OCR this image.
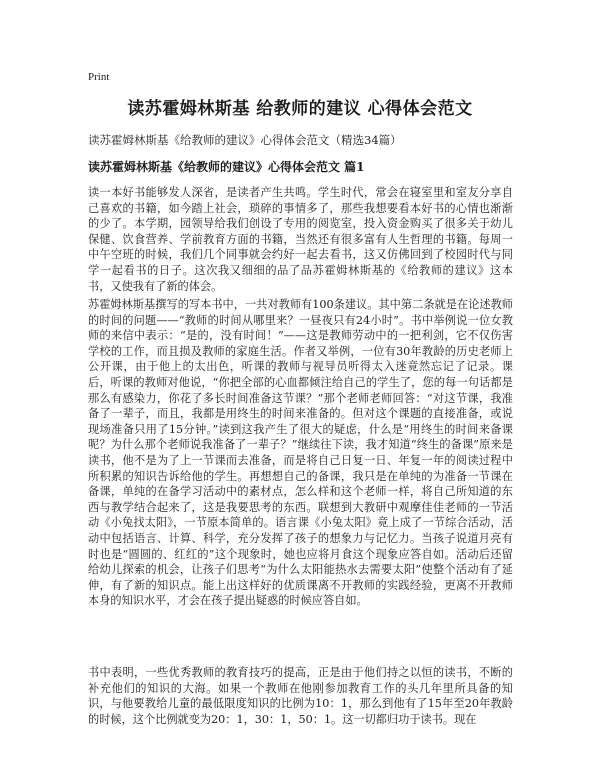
Print
读苏霍姆林斯基 给教师的建议 心得体会范文
读苏霍姆林斯基《给教师的建议》心得体会范文（精选34篇）
读苏霍姆林斯基《给教师的建议》心得体会范文 篇1
读一本好书能够发人深省，是读者产生共鸣。学生时代，常会在寝室里和室友分享自己喜欢的书籍，如今踏上社会，琐碎的事情多了，那些我想要看本好书的心情也渐渐的少了。本学期，园领导给我们创设了专用的阅览室，投入资金购买了很多关于幼儿保健、饮食营养、学前教育方面的书籍，当然还有很多富有人生哲理的书籍。每周一中午空班的时候，我们几个同事就会约好一起去看书，这又仿佛回到了校园时代与同学一起看书的日子。这次我又细细的品了品苏霍姆林斯基的《给教师的建议》这本书，又使我有了新的体会。
苏霍姆林斯基撰写的写本书中，一共对教师有100条建议。其中第二条就是在论述教师的时间的问题——“教师的时间从哪里来？一昼夜只有24小时”。书中举例说一位女教师的来信中表示：“是的，没有时间！”——这是教师劳动中的一把利剑，它不仅伤害学校的工作，而且损及教师的家庭生活。作者又举例，一位有30年教龄的历史老师上公开课，由于他上的太出色，听课的教师与视导员听得太入迷竟然忘记了记录。课后，听课的教师对他说，“你把全部的心血都倾注给自己的学生了，您的每一句话都是那么有感染力，你花了多长时间准备这节课？”那个老师老师回答：“对这节课，我准备了一辈子，而且，我都是用终生的时间来准备的。但对这个课题的直接准备，或说现场准备只用了15分钟。”读到这我产生了很大的疑虑，什么是“用终生的时间来备课呢？为什么那个老师说我准备了一辈子？”继续往下读，我才知道“终生的备课”原来是读书，他不是为了上一节课而去准备，而是将自己日复一日、年复一年的阅读过程中所积累的知识告诉给他的学生。再想想自己的备课，我只是在单纯的为准备一节课在备课，单纯的在备学习活动中的素材点，怎么样和这个老师一样，将自己所知道的东西与教学结合起来了，这是我要思考的东西。联想到大教研中观摩佳佳老师的一节活动《小兔找太阳》，一节原本简单的。语言课《小兔太阳》竟上成了一节综合活动，活动中包括语言、计算、科学，充分发挥了孩子的想象力与记忆力。当孩子说道月亮有时也是“圆圆的、红红的”这个现象时，她也应将月食这个现象应答自如。活动后还留给幼儿探索的机会，让孩子们思考“为什么太阳能热水去需要太阳”使整个活动有了延伸，有了新的知识点。能上出这样好的优质课离不开教师的实践经验，更离不开教师本身的知识水平，才会在孩子提出疑惑的时候应答自如。
书中表明，一些优秀教师的教育技巧的提高，正是由于他们持之以恒的读书，不断的补充他们的知识的大海。如果一个教师在他刚参加教育工作的头几年里所具备的知识，与他要教给儿童的最低限度知识的比例为10：1，那么到他有了15年至20年教龄的时候，这个比例就变为20：1，30：1，50：1。这一切都归功于读书。现在
